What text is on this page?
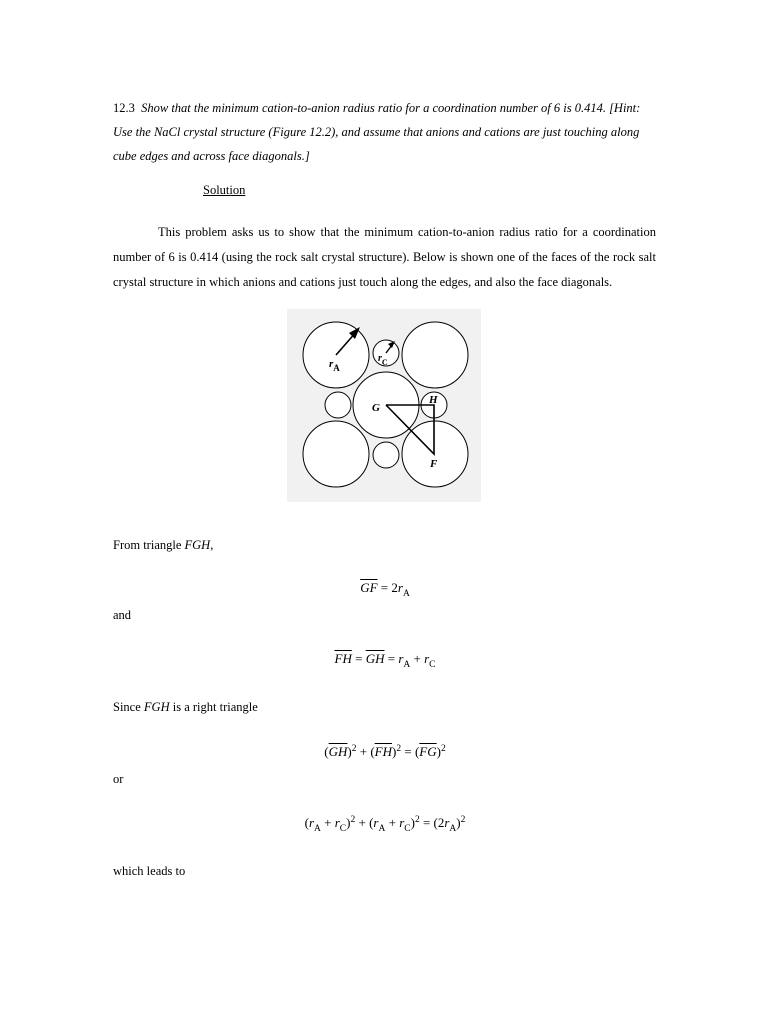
12.3 Show that the minimum cation-to-anion radius ratio for a coordination number of 6 is 0.414. [Hint: Use the NaCl crystal structure (Figure 12.2), and assume that anions and cations are just touching along cube edges and across face diagonals.]
Solution
This problem asks us to show that the minimum cation-to-anion radius ratio for a coordination number of 6 is 0.414 (using the rock salt crystal structure). Below is shown one of the faces of the rock salt crystal structure in which anions and cations just touch along the edges, and also the face diagonals.
$r_A$
$r_C$
G
H
F
From triangle FGH,
$\overline{GF} = 2r_A$
and
$\overline{FH} = \overline{GH} = r_A + r_C$
Since FGH is a right triangle
$(\overline{GH})^2 + (\overline{FH})^2 = (\overline{FG})^2$
or
$(r_A + r_C)^2 + (r_A + r_C)^2 = (2r_A)^2$
which leads to
